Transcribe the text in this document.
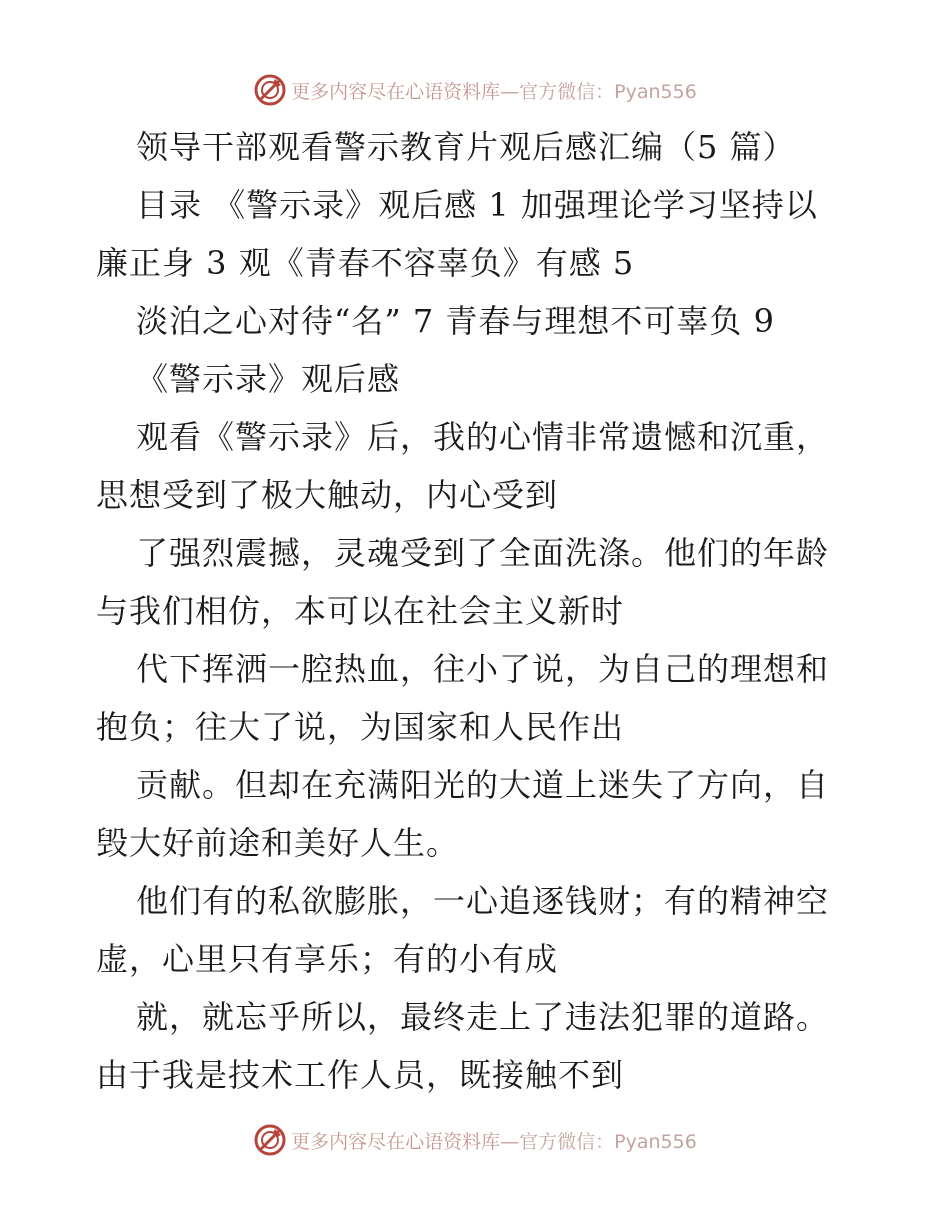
更多内容尽在心语资料库 —官方微信：Pyan556
领导干部观看警示教育片观后感汇编（5 篇）
目录 《警示录》观后感 1 加强理论学习坚持以
廉正身 3 观《青春不容辜负》有感 5
淡泊之心对待“名” 7 青春与理想不可辜负 9
《警示录》观后感
观看《警示录》后，我的心情非常遗憾和沉重，
思想受到了极大触动，内心受到
了强烈震撼，灵魂受到了全面洗涤。他们的年龄
与我们相仿，本可以在社会主义新时
代下挥洒一腔热血，往小了说，为自己的理想和
抱负；往大了说，为国家和人民作出
贡献。但却在充满阳光的大道上迷失了方向，自
毁大好前途和美好人生。
他们有的私欲膨胀，一心追逐钱财；有的精神空
虚，心里只有享乐；有的小有成
就，就忘乎所以，最终走上了违法犯罪的道路。
由于我是技术工作人员，既接触不到
更多内容尽在心语资料库 —官方微信：Pyan556
